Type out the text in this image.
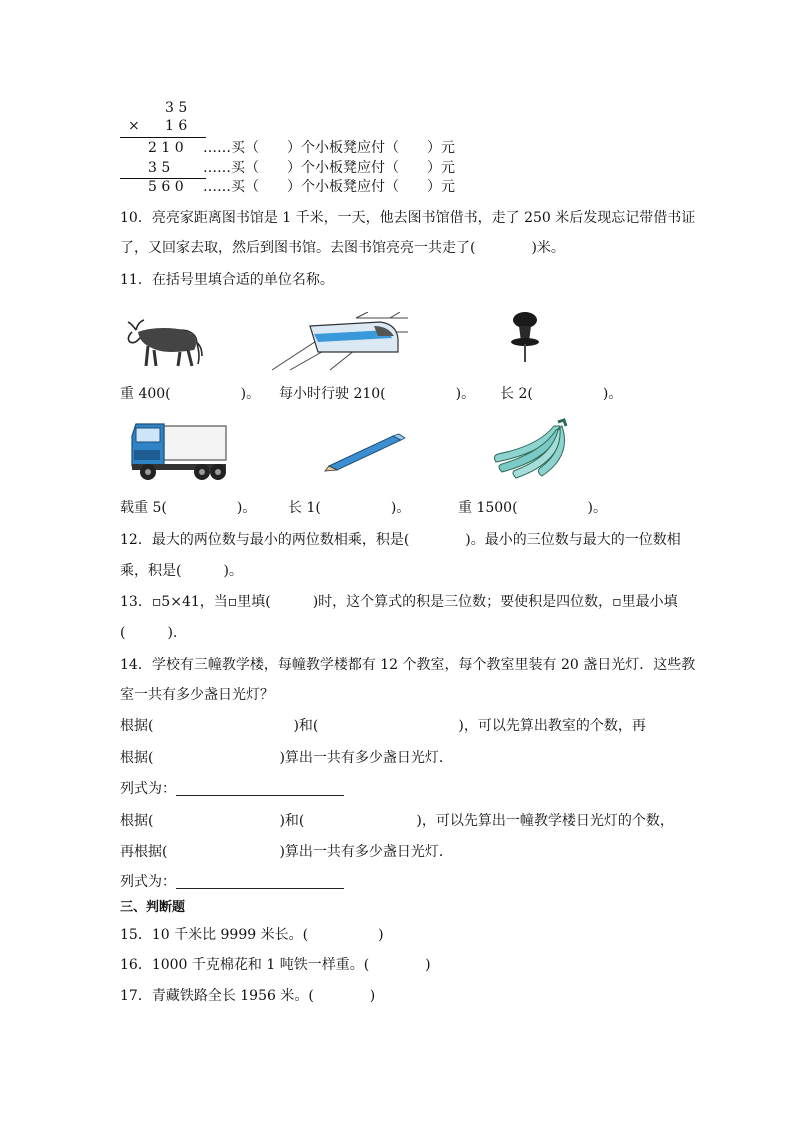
3 5
× 1 6
2 1 0 ……买（　　）个小板凳应付（　　）元
3 5 ……买（　　）个小板凳应付（　　）元
5 6 0 ……买（　　）个小板凳应付（　　）元
10．亮亮家距离图书馆是 1 千米，一天，他去图书馆借书，走了 250 米后发现忘记带借书证
了，又回家去取，然后到图书馆。去图书馆亮亮一共走了(　　　　)米。
11．在括号里填合适的单位名称。
重 400(　　　　　)。 每小时行驶 210(　　　　　)。 长 2(　　　　　)。
载重 5(　　　　　)。 长 1(　　　　　)。	重 1500(　　　　　)。
12．最大的两位数与最小的两位数相乘，积是(　　　　)。最小的三位数与最大的一位数相
乘，积是(　　　)。
13．▫5×41，当▫里填(　　　)时，这个算式的积是三位数；要使积是四位数，▫里最小填
(　　　).
14．学校有三幢教学楼，每幢教学楼都有 12 个教室，每个教室里装有 20 盏日光灯．这些教
室一共有多少盏日光灯？
根据(　　　　　　　　　　)和(　　　　　　　　　　)，可以先算出教室的个数，再
根据(　　　　　　　　　)算出一共有多少盏日光灯．
列式为：
根据(　　　　　　　　　)和(　　　　　　　　)，可以先算出一幢教学楼日光灯的个数，
再根据(　　　　　　　　)算出一共有多少盏日光灯．
列式为：
三、判断题
15．10 千米比 9999 米长。(　　　　　)
16．1000 千克棉花和 1 吨铁一样重。(　　　　)
17．青藏铁路全长 1956 米。(　　　　)
